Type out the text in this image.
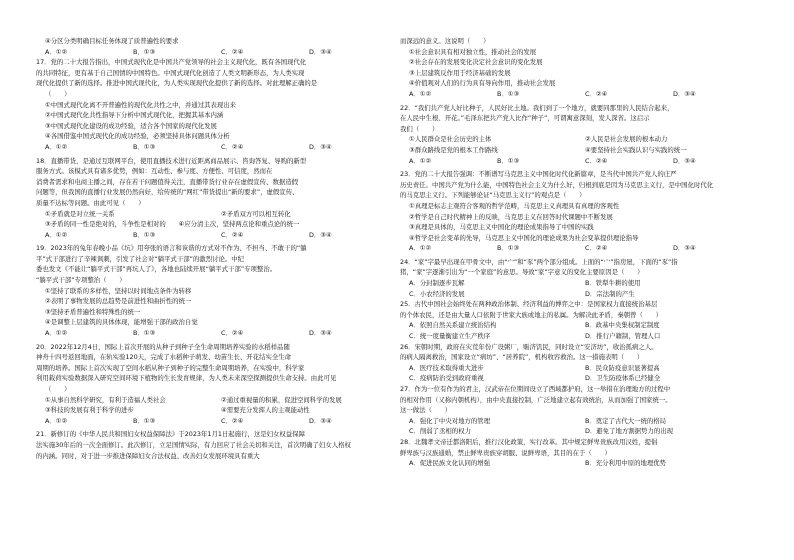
④分区分类明确目标任务体现了质普遍性的要求
A．①②	B．①③	C．②④	D．③④
17．党的二十大报告指出，中国式现代化是中国共产党领导的社会主义现代化，既有各国现代化
的共同特征，更有基于自己国情的中国特色。中国式现代化创造了人类文明新形态，为人类实现
现代化提供了新的选择。推进中国式现代化，为人类实现现代化提供了新的选择。对此理解正确的是
（　　）
①中国式现代化离不开普遍性的现代化共性之中，并通过其表现出来
②中国式现代化共性指导下分析中国式现代化，把握其基本内涵
③中国式现代化建设的成功经验，适合各个国家的现代化发展
④各国借鉴中国式现代化的成功经验，必须坚持具体问题具体分析
A．①②	B．①③	C．②④	D．③④
18．直播带货，是通过互联网平台，使用直播技术进行近距离商品展示、咨询答复、导购的新型
服务方式。该模式具有诸多优势，例如：互动性、参与度、方便性、可信度，然而在
消费者需求和电商主播之间，存在若干问题值得关注，直播带货行业存在虚假宣传、数据造假
问题等，但我国的直播行业发展仍然向好，给传统的“网红”带货提出“新的要求”，虚假宣传、
质量不达标等问题。由此可见（　　）
①矛盾就是对立统一关系	②矛盾双方可以相互转化
③矛盾的同一性是绝对的，斗争性是相对的　　④应分清主次，坚持两点论和重点论的统一
A．①②	B．①③	C．②④	D．③④
19．2023年的兔年春晚小品《坑》用夸张的语言和诙谐的方式对不作为、不担当、不敢干的“躺
平”式干部进行了辛辣讽刺，引发了社会对“躺平式干部”的激烈讨论。中纪
委也发文《不能让“躺平式干部”再坑人了》，各地也陆续开展“躺平式干部”专项整治。
“躺平式干部”专项整治（　　）
①坚持了联系的多样性，坚持以时间地点条件为转移
②表明了事物发展的总趋势是前进性和曲折性的统一
③坚持矛盾普遍性和特殊性的统一
④是调整上层建筑的具体体现，能增强干部的政治自觉
A．①②	B．①③	C．②④	D．③④
20．2022年12月4日，国际上首次开展的从种子到种子全生命周期培养实验的水稻样品随
神舟十四号返回地面，在轨实验120天，完成了水稻种子萌发、幼苗生长、开花结实全生命
周期的培养。国际上首次实现了空间水稻从种子到种子的完整生命周期培养，在实验中，科学家
利用载荷实验数据深入研究空间环境下植物的生长发育规律，为人类未来深空探测提供生命支持。由此可见
（　　）
①从事自然科学研究，有利于造福人类社会	②通过重视量的积累，促进空间科学的发展
③科技的发展有利于科学的进步	④需要充分发挥人的主观能动性
A．①②	B．①③	C．②④	D．③④
21．新修订的《中华人民共和国妇女权益保障法》于2023年1月1日起施行，这是妇女权益保障
法实施30年后的一次全面修订。此次修订，立足国情实际，有力回应了社会关切和关注，首次明确了妇女人格权
的内涵。同时，对于进一步推进保障妇女合法权益、改善妇女发展环境具有重大
而深远的意义。这说明（　　）
①社会意识具有相对独立性，推动社会的发展
②社会存在的发展变化决定社会意识的变化发展
③上层建筑反作用于经济基础的发展
④价值观对人们的行为具有导向作用，推动社会发展
A．①②	B．①③	C．②④	D．③④
22．“我们共产党人好比种子，人民好比土地。我们到了一个地方，就要同那里的人民结合起来，
在人民中生根、开花。”毛泽东把共产党人比作“种子”，可谓寓意深刻，发人深省。这启示
我们（　　）
①人民群众是社会历史的主体	②人民是社会发展的根本动力
③群众路线是党的根本工作路线	④要坚持社会实践认识与实践的统一
A．①②	B．①③	C．②④	D．③④
23．党的二十大报告强调：不断谱写马克思主义中国化时代化新篇章，是当代中国共产党人的庄严
历史责任。中国共产党为什么能，中国特色社会主义为什么好，归根到底是因为马克思主义行，是中国化时代化
的马克思主义行。下列能够论证“马克思主义行”的观点是（　　）
①真理是标志主观符合客观的哲学范畴，马克思主义真理具有真理的客观性
②哲学是自己时代精神上的反映，马克思主义在回答时代课题中不断发展
③真理是具体的，马克思主义中国化的理论成果指导了中国的实践
④哲学是社会变革的先导，马克思主义中国化的理论成果为社会变革提供理论指导
A．①②	B．①③	C．②④	D．③④
24．“家”字最早出现在甲骨文中，由“宀”和“豕”两个部分组成。上面的“宀”指房屋，下面的“豕”指
猪，“家”字逐渐引出为“一个家庭”的意思。导致“家”字意义的变化主要原因是（　　）
A．分封制逐步瓦解	B．铁犁牛耕的使用
C．小农经济的发展	D．宗法制的产生
25．古代中国社会始终处在两种政治体制、经济利益的博弈之中：是国家权力直接统治基层
的个体农民，还是由大量人口依附于世家大族或地主的私属。为解决此矛盾，秦朝曾（　　）
A．依照自然关系建立统治结构	B．政基中央集权制定制度
C．统一度量衡建立生产秩序	D．推行户籍制，管理人口
26．宋朝时期，政府在灾荒年份广设粥厂，赈济饥民，同时设立“安济坊”，收治孤病之人。
的病人隔离救治，国家设立“病坊”、“居养院”，机构收容救治。这一措施表明（　　）
A．医疗技术取得重大进步	B．民众防疫意识显著提高
C．疫病防治受到政府重视	D．卫生防疫体系已经健全
27．作为一位有作为的君主，汉武帝在位期间设立了西域都护府，这一举措在治理地方的过程中
的相对作用（又称内朝机构），由中央直接控制，广泛地建立起有效统治，从而加强了国家统一。
这一做法（　　）
A．强化了中央对地方的管理	B．奠定了古代大一统的格局
C．削弱了丞相的权力	D．避免了地方割据势力的出现
28．北魏孝文帝迁都洛阳后，推行汉化政策，实行改革。其中规定鲜卑贵族改用汉姓，提倡
鲜卑族与汉族通婚，禁止鲜卑贵族穿胡服、说鲜卑语，其目的在于（　　）
A．促进民族文化认同的增强	B．充分利用中原的地理优势
